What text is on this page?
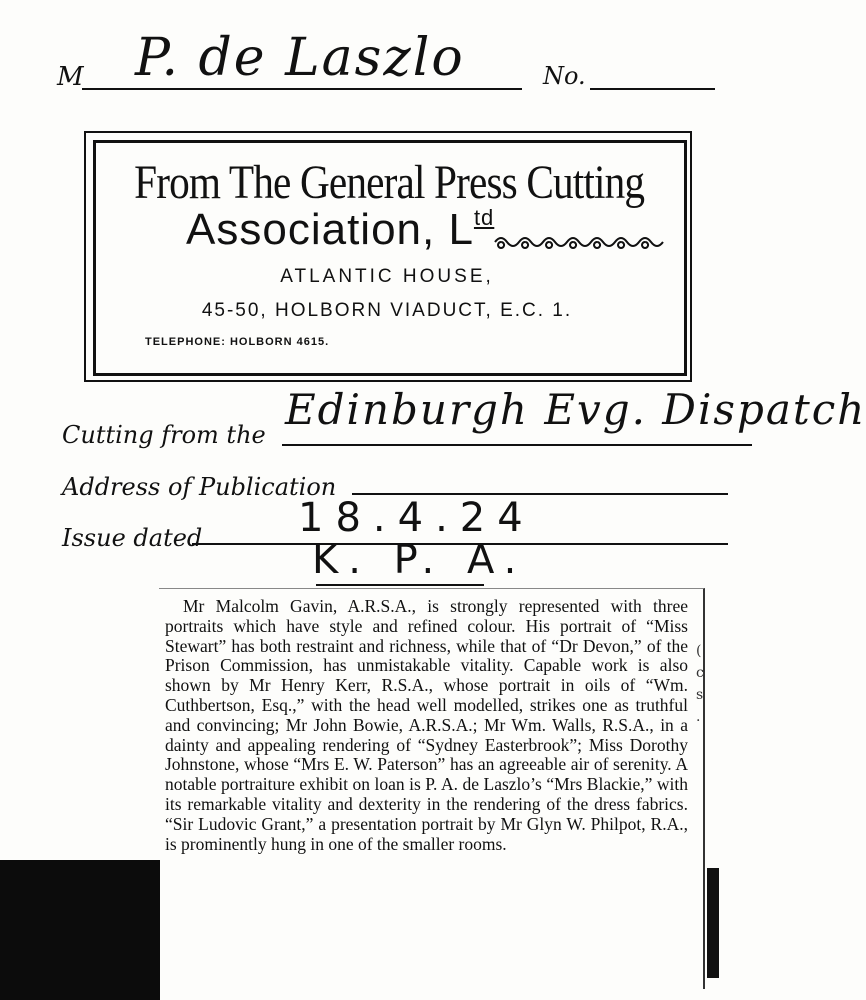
M P. de Laszlo	No.
From The General Press Cutting
Association, $L^{td}$
ATLANTIC HOUSE,
45-50, HOLBORN VIADUCT, E.C. 1.
TELEPHONE: HOLBORN 4615.
Cutting from the
Edinburgh Evg. Dispatch
Address of Publication
Issue dated 18.4.24
K. P. A.
Mr Malcolm Gavin, A.R.S.A., is strongly represented with three portraits which have style and refined colour. His portrait of “Miss Stewart” has both restraint and richness, while that of “Dr Devon,” of the Prison Commission, has unmistakable vitality. Capable work is also shown by Mr Henry Kerr, R.S.A., whose portrait in oils of “Wm. Cuthbertson, Esq.,” with the head well modelled, strikes one as truthful and convincing; Mr John Bowie, A.R.S.A.; Mr Wm. Walls, R.S.A., in a dainty and appealing rendering of “Sydney Easterbrook”; Miss Dorothy Johnstone, whose “Mrs E. W. Paterson” has an agreeable air of serenity. A notable portraiture exhibit on loan is P. A. de Laszlo’s “Mrs Blackie,” with its remarkable vitality and dexterity in the rendering of the dress fabrics. “Sir Ludovic Grant,” a presentation portrait by Mr Glyn W. Philpot, R.A., is prominently hung in one of the smaller rooms.
(
c
s
.
